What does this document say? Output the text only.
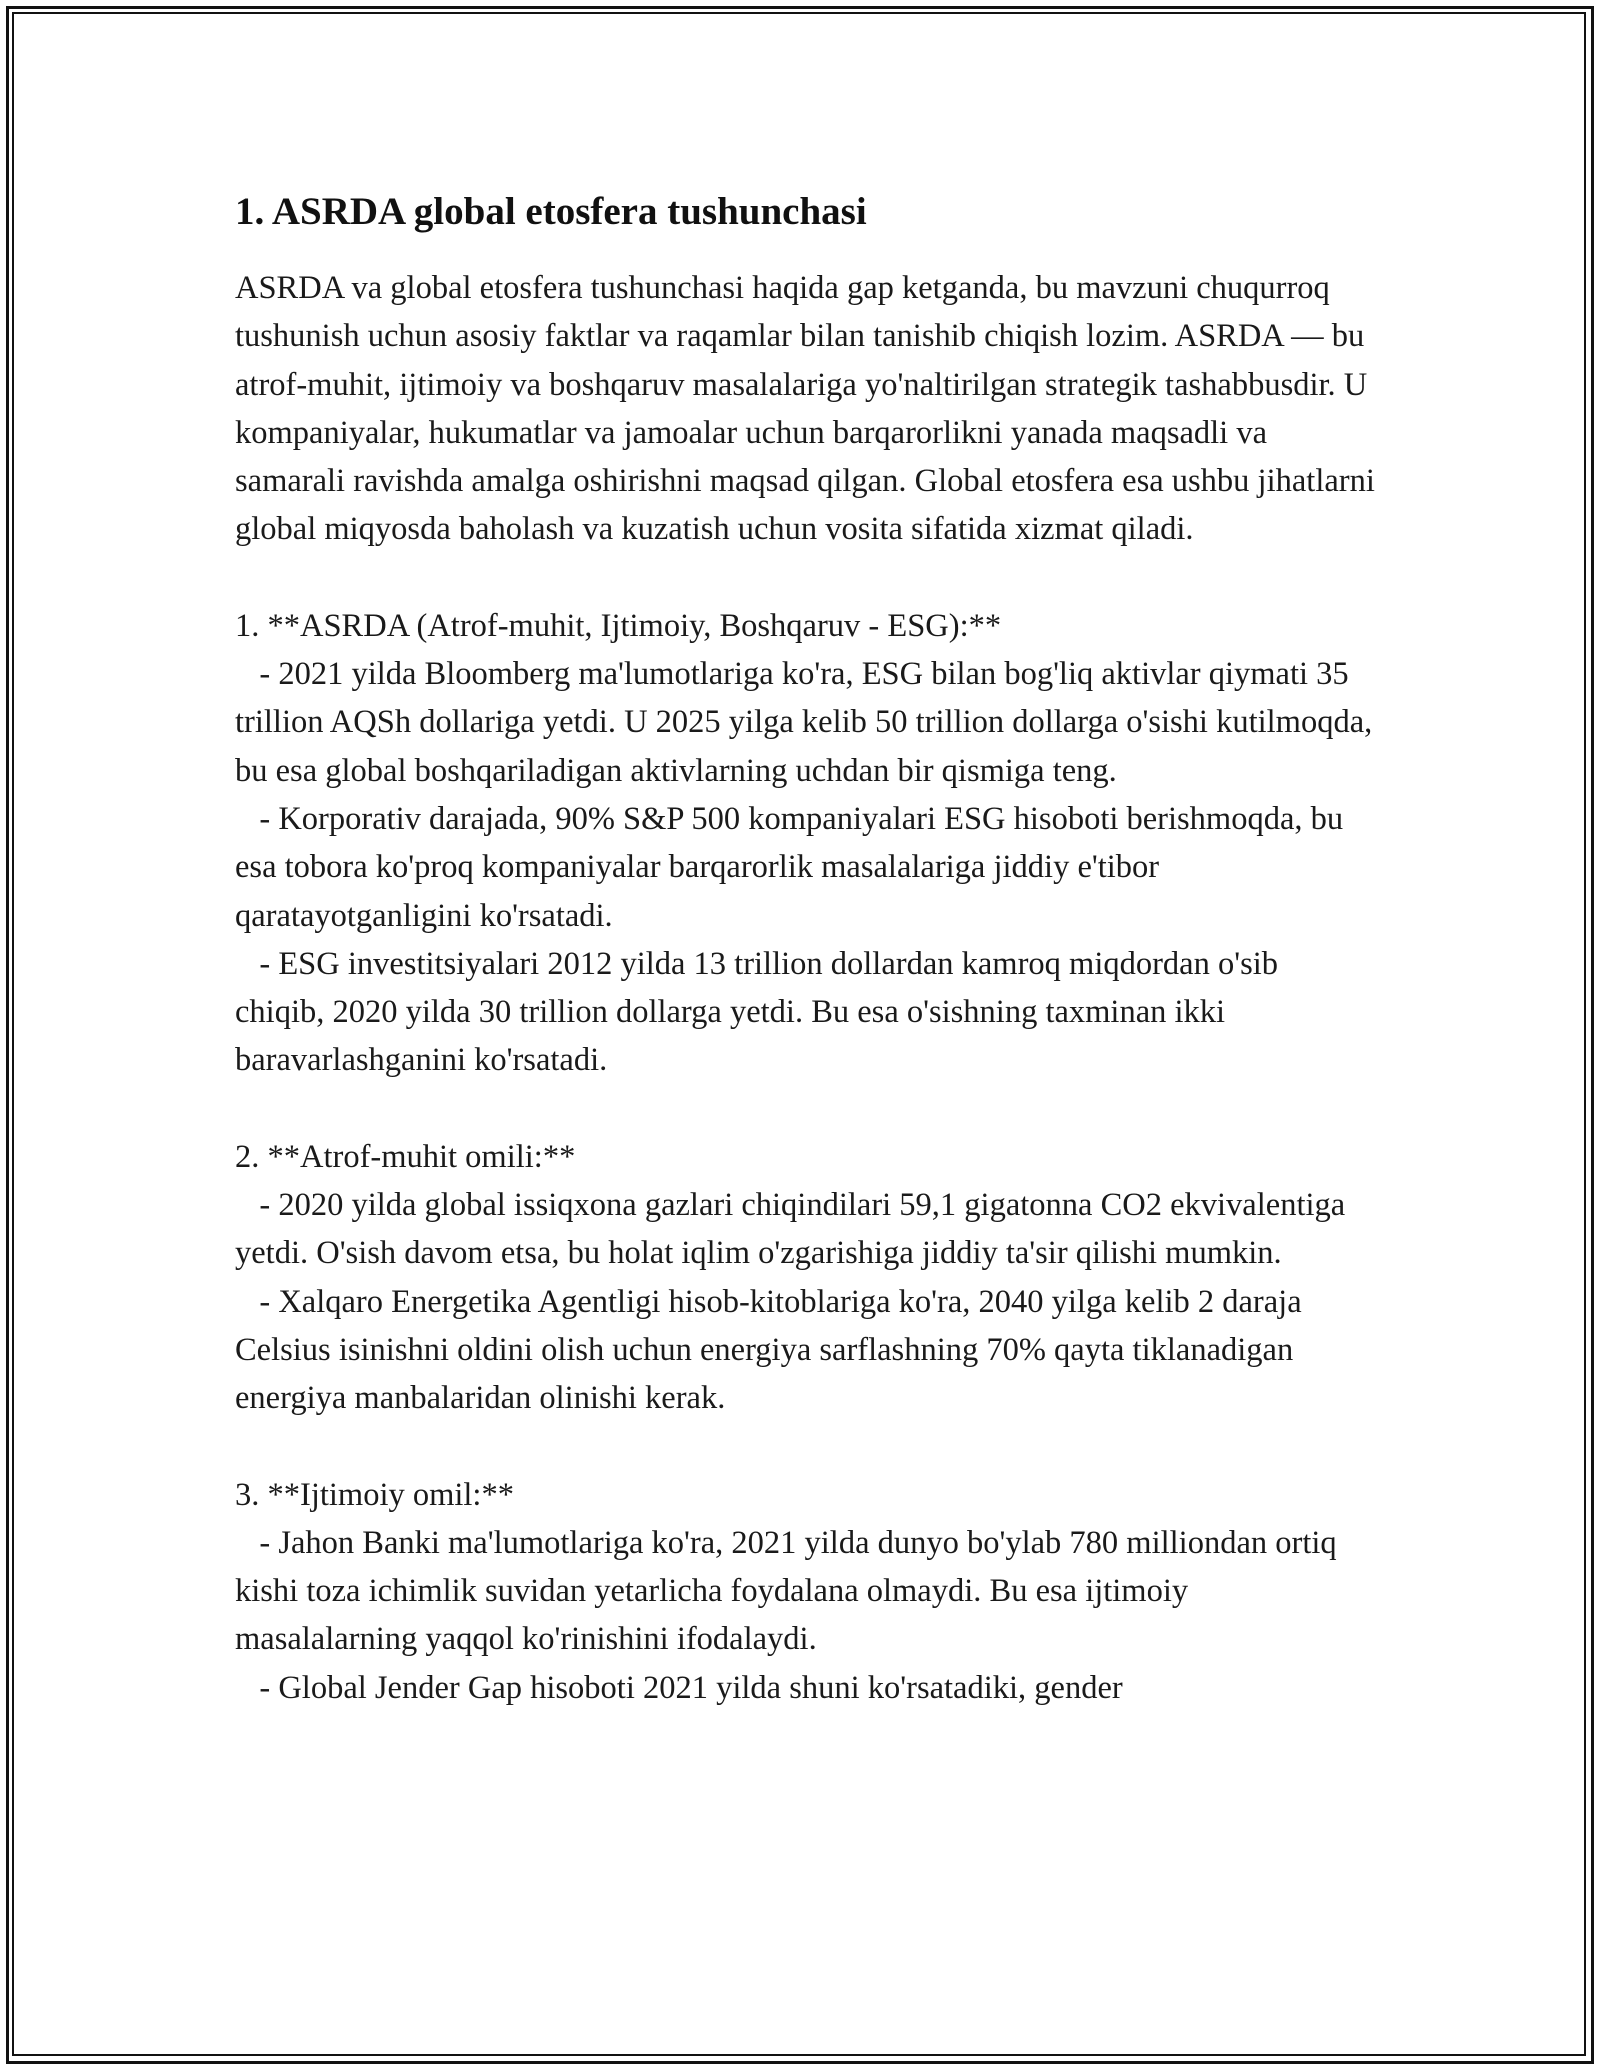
1. ASRDA global etosfera tushunchasi

ASRDA va global etosfera tushunchasi haqida gap ketganda, bu mavzuni chuqurroq tushunish uchun asosiy faktlar va raqamlar bilan tanishib chiqish lozim. ASRDA — bu atrof-muhit, ijtimoiy va boshqaruv masalalariga yo'naltirilgan strategik tashabbusdir. U kompaniyalar, hukumatlar va jamoalar uchun barqarorlikni yanada maqsadli va samarali ravishda amalga oshirishni maqsad qilgan. Global etosfera esa ushbu jihatlarni global miqyosda baholash va kuzatish uchun vosita sifatida xizmat qiladi.

1. **ASRDA (Atrof-muhit, Ijtimoiy, Boshqaruv - ESG):**

- 2021 yilda Bloomberg ma'lumotlariga ko'ra, ESG bilan bog'liq aktivlar qiymati 35 trillion AQSh dollariga yetdi. U 2025 yilga kelib 50 trillion dollarga o'sishi kutilmoqda, bu esa global boshqariladigan aktivlarning uchdan bir qismiga teng.

- Korporativ darajada, 90% S&P 500 kompaniyalari ESG hisoboti berishmoqda, bu esa tobora ko'proq kompaniyalar barqarorlik masalalariga jiddiy e'tibor qaratayotganligini ko'rsatadi.

- ESG investitsiyalari 2012 yilda 13 trillion dollardan kamroq miqdordan o'sib chiqib, 2020 yilda 30 trillion dollarga yetdi. Bu esa o'sishning taxminan ikki baravarlashganini ko'rsatadi.

2. **Atrof-muhit omili:**

- 2020 yilda global issiqxona gazlari chiqindilari 59,1 gigatonna CO2 ekvivalentiga yetdi. O'sish davom etsa, bu holat iqlim o'zgarishiga jiddiy ta'sir qilishi mumkin.

- Xalqaro Energetika Agentligi hisob-kitoblariga ko'ra, 2040 yilga kelib 2 daraja Celsius isinishni oldini olish uchun energiya sarflashning 70% qayta tiklanadigan energiya manbalaridan olinishi kerak.

3. **Ijtimoiy omil:**

- Jahon Banki ma'lumotlariga ko'ra, 2021 yilda dunyo bo'ylab 780 milliondan ortiq kishi toza ichimlik suvidan yetarlicha foydalana olmaydi. Bu esa ijtimoiy masalalarning yaqqol ko'rinishini ifodalaydi.

- Global Jender Gap hisoboti 2021 yilda shuni ko'rsatadiki, gender
